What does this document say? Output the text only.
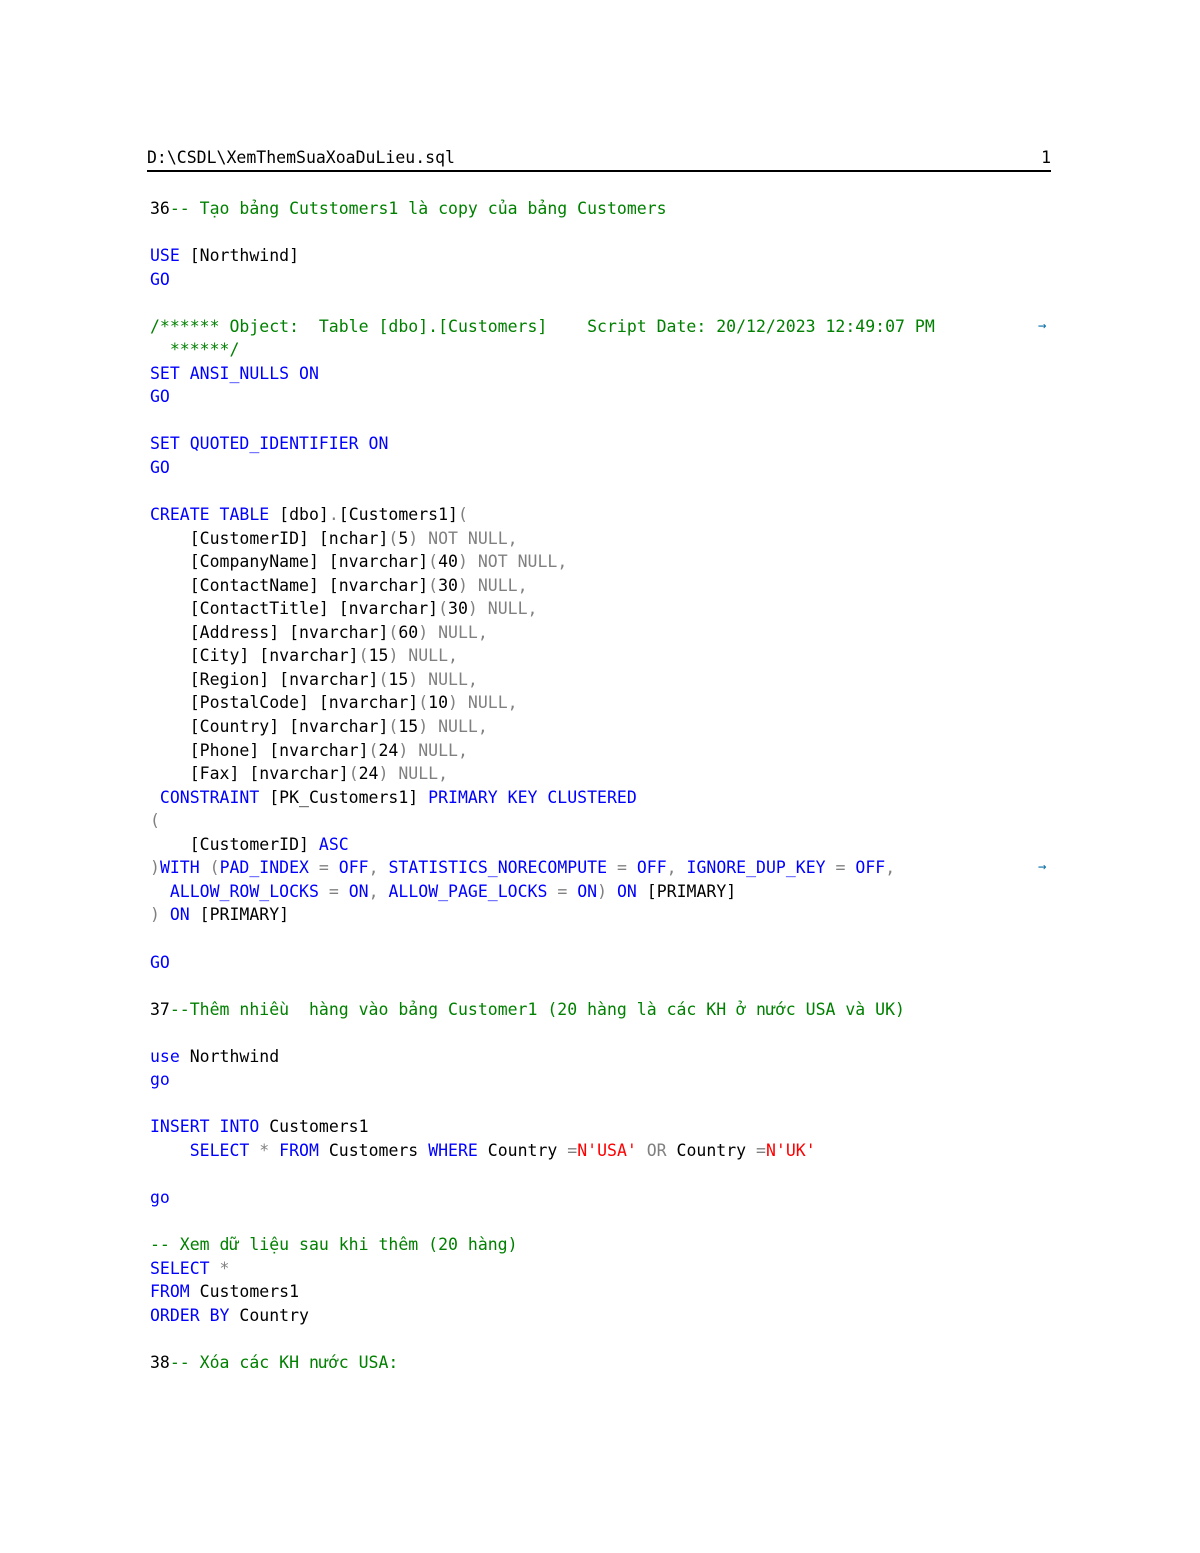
D:\CSDL\XemThemSuaXoaDuLieu.sql	1
36-- Tạo bảng Cutstomers1 là copy của bảng Customers
USE [Northwind]
GO
/****** Object:  Table [dbo].[Customers]    Script Date: 20/12/2023 12:49:07 PM	→
******/
SET ANSI_NULLS ON
GO
SET QUOTED_IDENTIFIER ON
GO
CREATE TABLE [dbo].[Customers1](
[CustomerID] [nchar](5) NOT NULL,
[CompanyName] [nvarchar](40) NOT NULL,
[ContactName] [nvarchar](30) NULL,
[ContactTitle] [nvarchar](30) NULL,
[Address] [nvarchar](60) NULL,
[City] [nvarchar](15) NULL,
[Region] [nvarchar](15) NULL,
[PostalCode] [nvarchar](10) NULL,
[Country] [nvarchar](15) NULL,
[Phone] [nvarchar](24) NULL,
[Fax] [nvarchar](24) NULL,
CONSTRAINT [PK_Customers1] PRIMARY KEY CLUSTERED
(
[CustomerID] ASC
)WITH (PAD_INDEX = OFF, STATISTICS_NORECOMPUTE = OFF, IGNORE_DUP_KEY = OFF,	→
ALLOW_ROW_LOCKS = ON, ALLOW_PAGE_LOCKS = ON) ON [PRIMARY]
) ON [PRIMARY]
GO
37--Thêm nhiều  hàng vào bảng Customer1 (20 hàng là các KH ở nước USA và UK)
use Northwind
go
INSERT INTO Customers1
SELECT * FROM Customers WHERE Country =N'USA' OR Country =N'UK'
go
-- Xem dữ liệu sau khi thêm (20 hàng)
SELECT *
FROM Customers1
ORDER BY Country
38-- Xóa các KH nước USA:
